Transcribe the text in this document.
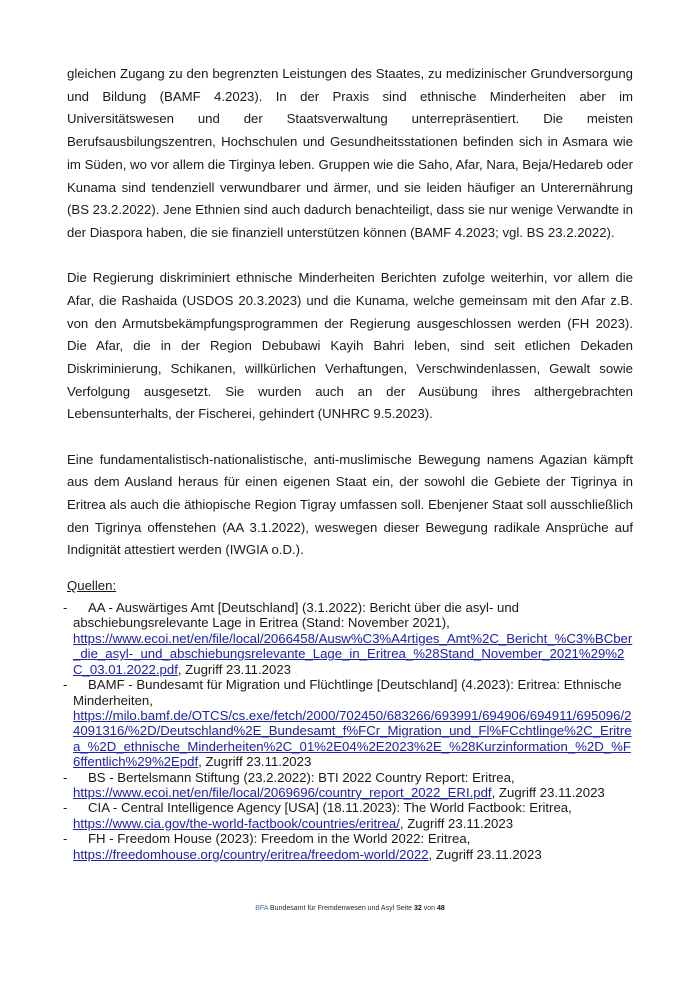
gleichen Zugang zu den begrenzten Leistungen des Staates, zu medizinischer Grundversorgung und Bildung (BAMF 4.2023). In der Praxis sind ethnische Minderheiten aber im Universitätswesen und der Staatsverwaltung unterrepräsentiert. Die meisten Berufsausbilungszentren, Hochschulen und Gesundheitsstationen befinden sich in Asmara wie im Süden, wo vor allem die Tirginya leben. Gruppen wie die Saho, Afar, Nara, Beja/Hedareb oder Kunama sind tendenziell verwundbarer und ärmer, und sie leiden häufiger an Unterernährung (BS 23.2.2022). Jene Ethnien sind auch dadurch benachteiligt, dass sie nur wenige Verwandte in der Diaspora haben, die sie finanziell unterstützen können (BAMF 4.2023; vgl. BS 23.2.2022).

Die Regierung diskriminiert ethnische Minderheiten Berichten zufolge weiterhin, vor allem die Afar, die Rashaida (USDOS 20.3.2023) und die Kunama, welche gemeinsam mit den Afar z.B. von den Armutsbekämpfungsprogrammen der Regierung ausgeschlossen werden (FH 2023). Die Afar, die in der Region Debubawi Kayih Bahri leben, sind seit etlichen Dekaden Diskriminierung, Schikanen, willkürlichen Verhaftungen, Verschwindenlassen, Gewalt sowie Verfolgung ausgesetzt. Sie wurden auch an der Ausübung ihres althergebrachten Lebensunterhalts, der Fischerei, gehindert (UNHRC 9.5.2023).

Eine fundamentalistisch-nationalistische, anti-muslimische Bewegung namens Agazian kämpft aus dem Ausland heraus für einen eigenen Staat ein, der sowohl die Gebiete der Tigrinya in Eritrea als auch die äthiopische Region Tigray umfassen soll. Ebenjener Staat soll ausschließlich den Tigrinya offenstehen (AA 3.1.2022), weswegen dieser Bewegung radikale Ansprüche auf Indignität attestiert werden (IWGIA o.D.).

Quellen:
- AA - Auswärtiges Amt [Deutschland] (3.1.2022): Bericht über die asyl- und abschiebungsrelevante Lage in Eritrea (Stand: November 2021),
https://www.ecoi.net/en/file/local/2066458/Ausw%C3%A4rtiges_Amt%2C_Bericht_%C3%BCber_die_asyl-_und_abschiebungsrelevante_Lage_in_Eritrea_%28Stand_November_2021%29%2C_03.01.2022.pdf, Zugriff 23.11.2023
- BAMF - Bundesamt für Migration und Flüchtlinge [Deutschland] (4.2023): Eritrea: Ethnische Minderheiten,
https://milo.bamf.de/OTCS/cs.exe/fetch/2000/702450/683266/693991/694906/694911/695096/24091316/%2D/Deutschland%2E_Bundesamt_f%FCr_Migration_und_Fl%FCchtlinge%2C_Eritrea_%2D_ethnische_Minderheiten%2C_01%2E04%2E2023%2E_%28Kurzinformation_%2D_%F6ffentlich%29%2Epdf, Zugriff 23.11.2023
- BS - Bertelsmann Stiftung (23.2.2022): BTI 2022 Country Report: Eritrea,
https://www.ecoi.net/en/file/local/2069696/country_report_2022_ERI.pdf, Zugriff 23.11.2023
- CIA - Central Intelligence Agency [USA] (18.11.2023): The World Factbook: Eritrea,
https://www.cia.gov/the-world-factbook/countries/eritrea/, Zugriff 23.11.2023
- FH - Freedom House (2023): Freedom in the World 2022: Eritrea,
https://freedomhouse.org/country/eritrea/freedom-world/2022, Zugriff 23.11.2023
BFA Bundesamt für Fremdenwesen und Asyl Seite 32 von 48
